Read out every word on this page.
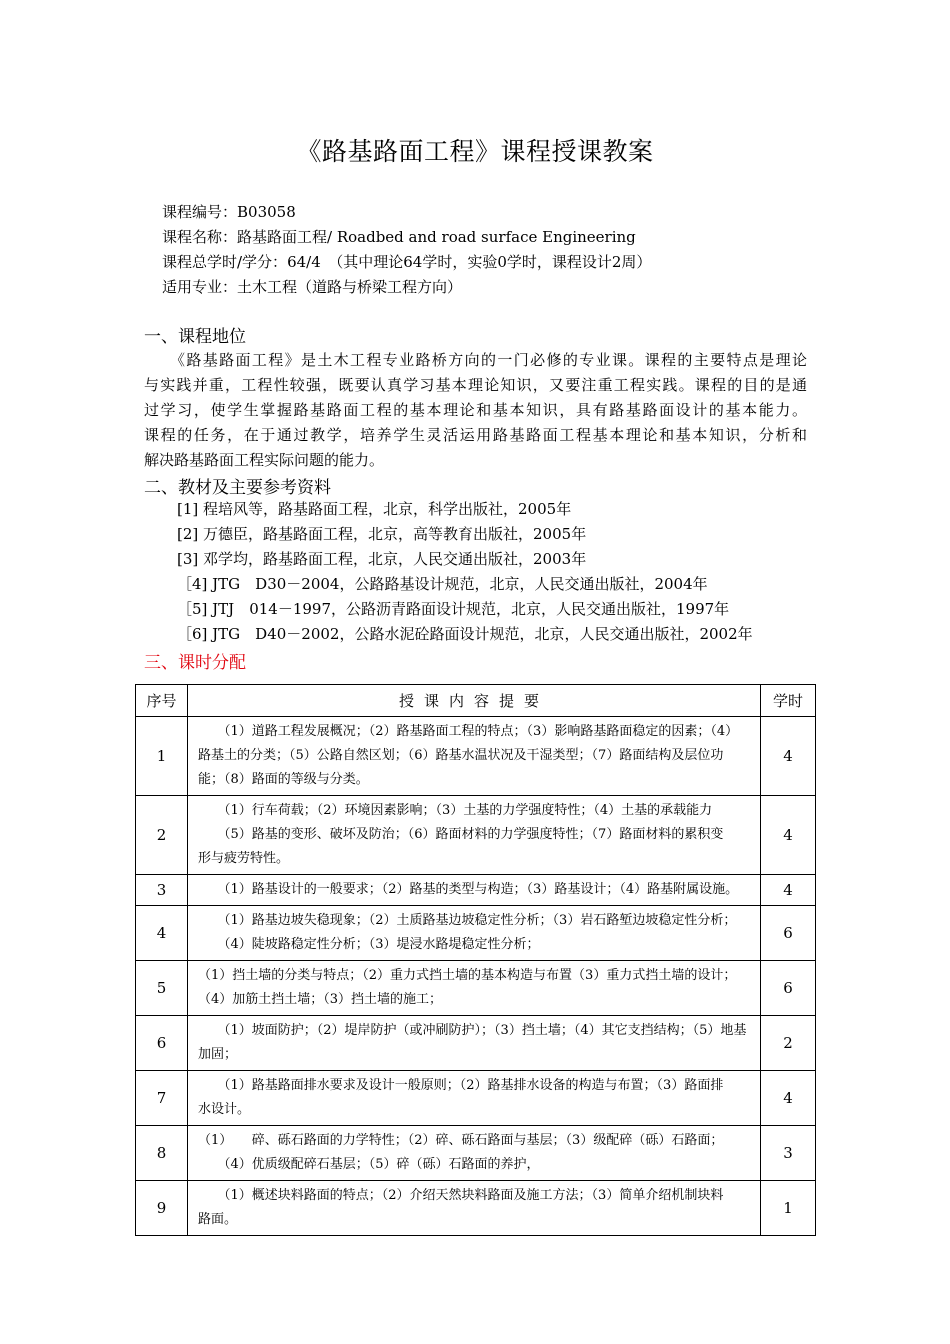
《路基路面工程》课程授课教案
课程编号：B03058
课程名称：路基路面工程/ Roadbed and road surface Engineering
课程总学时/学分：64/4　（其中理论64学时，实验0学时，课程设计2周）
适用专业：土木工程（道路与桥梁工程方向）
一、课程地位
《路基路面工程》是土木工程专业路桥方向的一门必修的专业课。课程的主要特点是理论
与实践并重，工程性较强，既要认真学习基本理论知识，又要注重工程实践。课程的目的是通
过学习，使学生掌握路基路面工程的基本理论和基本知识，具有路基路面设计的基本能力。
课程的任务，在于通过教学，培养学生灵活运用路基路面工程基本理论和基本知识，分析和
解决路基路面工程实际问题的能力。
二、教材及主要参考资料
[1] 程培风等，路基路面工程，北京，科学出版社，2005年
[2] 万德臣，路基路面工程，北京，高等教育出版社，2005年
[3] 邓学均，路基路面工程，北京，人民交通出版社，2003年
［4] JTG　D30－2004，公路路基设计规范，北京，人民交通出版社，2004年
［5] JTJ　014－1997，公路沥青路面设计规范，北京，人民交通出版社，1997年
［6] JTG　D40－2002，公路水泥砼路面设计规范，北京，人民交通出版社，2002年
三、课时分配
序号	授课内容提要	学时
1	　　（1）道路工程发展概况；（2）路基路面工程的特点；（3）影响路基路面稳定的因素；（4）
路基土的分类；（5）公路自然区划；（6）路基水温状况及干湿类型；（7）路面结构及层位功
能；（8）路面的等级与分类。	4
2	　　（1）行车荷载；（2）环境因素影响；（3）土基的力学强度特性；（4）土基的承载能力
　　（5）路基的变形、破坏及防治；（6）路面材料的力学强度特性；（7）路面材料的累积变
形与疲劳特性。	4
3	　　（1）路基设计的一般要求；（2）路基的类型与构造；（3）路基设计；（4）路基附属设施。	4
4	　　（1）路基边坡失稳现象；（2）土质路基边坡稳定性分析；（3）岩石路堑边坡稳定性分析；
　　（4）陡坡路稳定性分析；（3）堤浸水路堤稳定性分析；	6
5	（1）挡土墙的分类与特点；（2）重力式挡土墙的基本构造与布置（3）重力式挡土墙的设计；
（4）加筋土挡土墙；（3）挡土墙的施工；	6
6	　　（1）坡面防护；（2）堤岸防护（或冲刷防护）；（3）挡土墙；（4）其它支挡结构；（5）地基
加固；	2
7	　　（1）路基路面排水要求及设计一般原则；（2）路基排水设备的构造与布置；（3）路面排
水设计。	4
8	（1）　　碎、砾石路面的力学特性；（2）碎、砾石路面与基层；（3）级配碎（砾）石路面；
　　（4）优质级配碎石基层；（5）碎（砾）石路面的养护，	3
9	　　（1）概述块料路面的特点；（2）介绍天然块料路面及施工方法；（3）简单介绍机制块料
路面。	1
